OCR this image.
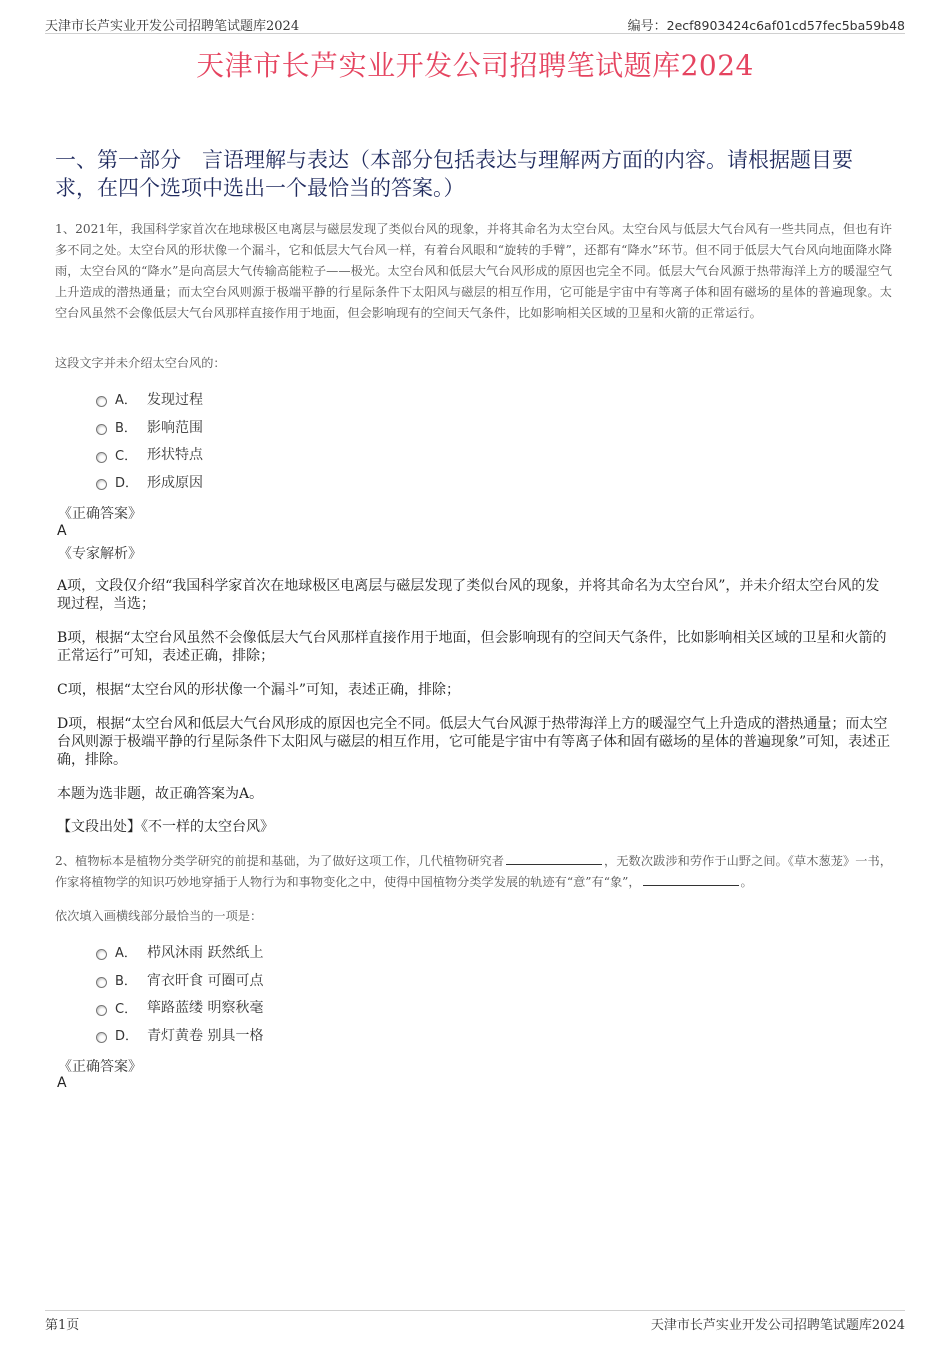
天津市长芦实业开发公司招聘笔试题库2024	编号：2ecf8903424c6af01cd57fec5ba59b48
天津市长芦实业开发公司招聘笔试题库2024
一、第一部分　言语理解与表达（本部分包括表达与理解两方面的内容。请根据题目要求，在四个选项中选出一个最恰当的答案。）
1、2021年，我国科学家首次在地球极区电离层与磁层发现了类似台风的现象，并将其命名为太空台风。太空台风与低层大气台风有一些共同点，但也有许多不同之处。太空台风的形状像一个漏斗，它和低层大气台风一样，有着台风眼和“旋转的手臂”，还都有“降水”环节。但不同于低层大气台风向地面降水降雨，太空台风的“降水”是向高层大气传输高能粒子——极光。太空台风和低层大气台风形成的原因也完全不同。低层大气台风源于热带海洋上方的暖湿空气上升造成的潜热通量；而太空台风则源于极端平静的行星际条件下太阳风与磁层的相互作用，它可能是宇宙中有等离子体和固有磁场的星体的普遍现象。太空台风虽然不会像低层大气台风那样直接作用于地面，但会影响现有的空间天气条件，比如影响相关区域的卫星和火箭的正常运行。
这段文字并未介绍太空台风的：
A． 发现过程
B． 影响范围
C． 形状特点
D． 形成原因
《正确答案》
A
《专家解析》
A项，文段仅介绍“我国科学家首次在地球极区电离层与磁层发现了类似台风的现象，并将其命名为太空台风”，并未介绍太空台风的发现过程，当选；
B项，根据“太空台风虽然不会像低层大气台风那样直接作用于地面，但会影响现有的空间天气条件，比如影响相关区域的卫星和火箭的正常运行”可知，表述正确，排除；
C项，根据“太空台风的形状像一个漏斗”可知，表述正确，排除；
D项，根据“太空台风和低层大气台风形成的原因也完全不同。低层大气台风源于热带海洋上方的暖湿空气上升造成的潜热通量；而太空台风则源于极端平静的行星际条件下太阳风与磁层的相互作用，它可能是宇宙中有等离子体和固有磁场的星体的普遍现象”可知，表述正确，排除。
本题为选非题，故正确答案为A。
【文段出处】《不一样的太空台风》
2、植物标本是植物分类学研究的前提和基础，为了做好这项工作，几代植物研究者	，无数次跋涉和劳作于山野之间。《草木葱茏》一书，作家将植物学的知识巧妙地穿插于人物行为和事物变化之中，使得中国植物分类学发展的轨迹有“意”有“象”，	。
依次填入画横线部分最恰当的一项是：
A． 栉风沐雨 跃然纸上
B． 宵衣旰食 可圈可点
C． 筚路蓝缕 明察秋毫
D． 青灯黄卷 别具一格
《正确答案》
A
第1页	天津市长芦实业开发公司招聘笔试题库2024
